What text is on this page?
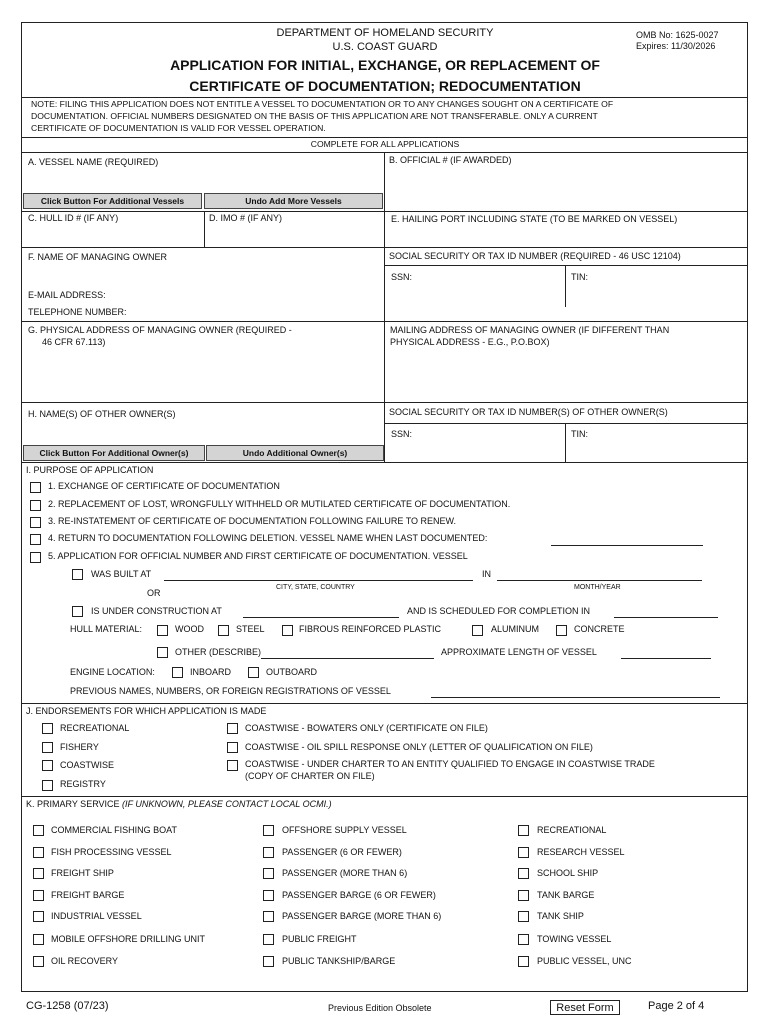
DEPARTMENT OF HOMELAND SECURITY
U.S. COAST GUARD
OMB No: 1625-0027
Expires: 11/30/2026
APPLICATION FOR INITIAL, EXCHANGE, OR REPLACEMENT OF
CERTIFICATE OF DOCUMENTATION; REDOCUMENTATION
NOTE: FILING THIS APPLICATION DOES NOT ENTITLE A VESSEL TO DOCUMENTATION OR TO ANY CHANGES SOUGHT ON A CERTIFICATE OF
DOCUMENTATION. OFFICIAL NUMBERS DESIGNATED ON THE BASIS OF THIS APPLICATION ARE NOT TRANSFERABLE. ONLY A CURRENT
CERTIFICATE OF DOCUMENTATION IS VALID FOR VESSEL OPERATION.
COMPLETE FOR ALL APPLICATIONS
A. VESSEL NAME (REQUIRED)	B. OFFICIAL # (IF AWARDED)
Click Button For Additional Vessels	Undo Add More Vessels
C. HULL ID # (IF ANY)	D. IMO # (IF ANY)	E. HAILING PORT INCLUDING STATE (TO BE MARKED ON VESSEL)
F. NAME OF MANAGING OWNER	SOCIAL SECURITY OR TAX ID NUMBER (REQUIRED - 46 USC 12104)
SSN:	TIN:
E-MAIL ADDRESS:
TELEPHONE NUMBER:
G. PHYSICAL ADDRESS OF MANAGING OWNER (REQUIRED -
46 CFR 67.113)
MAILING ADDRESS OF MANAGING OWNER (IF DIFFERENT THAN
PHYSICAL ADDRESS - E.G., P.O.BOX)
H. NAME(S) OF OTHER OWNER(S)	SOCIAL SECURITY OR TAX ID NUMBER(S) OF OTHER OWNER(S)
SSN:	TIN:
Click Button For Additional Owner(s)	Undo Additional Owner(s)
I. PURPOSE OF APPLICATION
1. EXCHANGE OF CERTIFICATE OF DOCUMENTATION
2. REPLACEMENT OF LOST, WRONGFULLY WITHHELD OR MUTILATED CERTIFICATE OF DOCUMENTATION.
3. RE-INSTATEMENT OF CERTIFICATE OF DOCUMENTATION FOLLOWING FAILURE TO RENEW.
4. RETURN TO DOCUMENTATION FOLLOWING DELETION. VESSEL NAME WHEN LAST DOCUMENTED:
5. APPLICATION FOR OFFICIAL NUMBER AND FIRST CERTIFICATE OF DOCUMENTATION. VESSEL
WAS BUILT AT	IN
CITY, STATE, COUNTRY	MONTH/YEAR
OR
IS UNDER CONSTRUCTION AT	AND IS SCHEDULED FOR COMPLETION IN
HULL MATERIAL:	WOOD	STEEL	FIBROUS REINFORCED PLASTIC	ALUMINUM	CONCRETE
OTHER (DESCRIBE)	APPROXIMATE LENGTH OF VESSEL
ENGINE LOCATION:	INBOARD	OUTBOARD
PREVIOUS NAMES, NUMBERS, OR FOREIGN REGISTRATIONS OF VESSEL
J. ENDORSEMENTS FOR WHICH APPLICATION IS MADE
RECREATIONAL
FISHERY
COASTWISE
REGISTRY
COASTWISE - BOWATERS ONLY (CERTIFICATE ON FILE)
COASTWISE - OIL SPILL RESPONSE ONLY (LETTER OF QUALIFICATION ON FILE)
COASTWISE - UNDER CHARTER TO AN ENTITY QUALIFIED TO ENGAGE IN COASTWISE TRADE
(COPY OF CHARTER ON FILE)
K. PRIMARY SERVICE (IF UNKNOWN, PLEASE CONTACT LOCAL OCMI.)
COMMERCIAL FISHING BOAT
FISH PROCESSING VESSEL
FREIGHT SHIP
FREIGHT BARGE
INDUSTRIAL VESSEL
MOBILE OFFSHORE DRILLING UNIT
OIL RECOVERY
OFFSHORE SUPPLY VESSEL
PASSENGER (6 OR FEWER)
PASSENGER (MORE THAN 6)
PASSENGER BARGE (6 OR FEWER)
PASSENGER BARGE (MORE THAN 6)
PUBLIC FREIGHT
PUBLIC TANKSHIP/BARGE
RECREATIONAL
RESEARCH VESSEL
SCHOOL SHIP
TANK BARGE
TANK SHIP
TOWING VESSEL
PUBLIC VESSEL, UNC
CG-1258 (07/23)	Previous Edition Obsolete	Reset Form	Page 2 of 4
